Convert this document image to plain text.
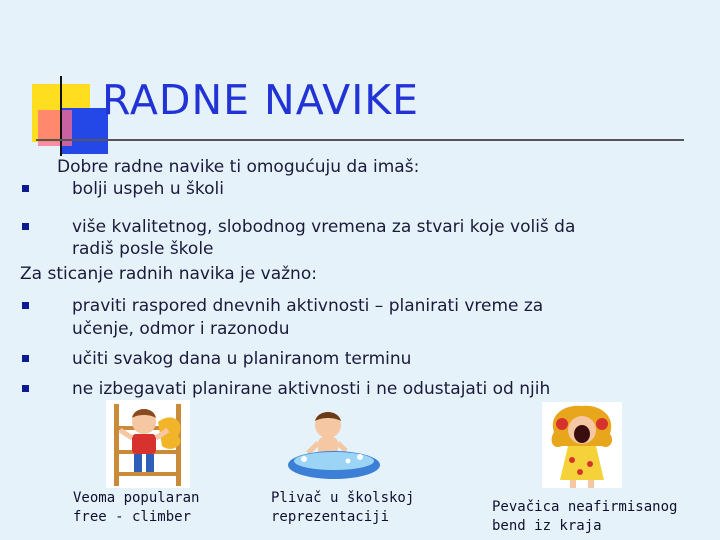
RADNE NAVIKE
Dobre radne navike ti omogućuju da imaš:
bolji uspeh u školi
više kvalitetnog, slobodnog vremena za stvari koje voliš da
radiš posle škole
Za sticanje radnih navika je važno:
praviti raspored dnevnih aktivnosti – planirati vreme za
učenje, odmor i razonodu
učiti svakog dana u planiranom terminu
ne izbegavati planirane aktivnosti i ne odustajati od njih
Veoma popularan
free - climber
Plivač u školskoj
reprezentaciji
Pevačica neafirmisanog
bend iz kraja
